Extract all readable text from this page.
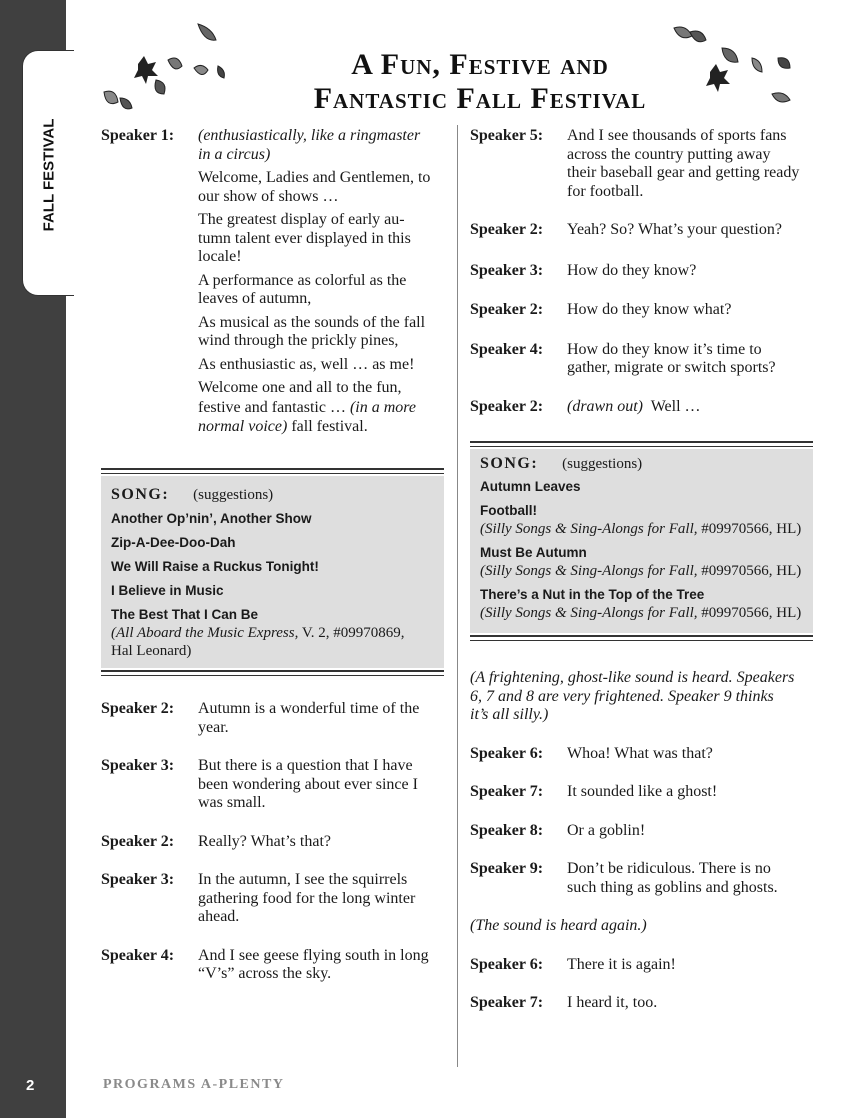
FALL FESTIVAL
2	PROGRAMS A-PLENTY
A Fun, Festive and
Fantastic Fall Festival
Speaker 1: (enthusiastically, like a ringmaster
in a circus)
Welcome, Ladies and Gentlemen, to
our show of shows …
The greatest display of early au-
tumn talent ever displayed in this
locale!
A performance as colorful as the
leaves of autumn,
As musical as the sounds of the fall
wind through the prickly pines,
As enthusiastic as, well … as me!
Welcome one and all to the fun,
festive and fantastic … (in a more
normal voice) fall festival.
SONG: (suggestions)
Another Op’nin’, Another Show
Zip-A-Dee-Doo-Dah
We Will Raise a Ruckus Tonight!
I Believe in Music
The Best That I Can Be
(All Aboard the Music Express, V. 2, #09970869,
Hal Leonard)
Speaker 2: Autumn is a wonderful time of the
year.
Speaker 3: But there is a question that I have
been wondering about ever since I
was small.
Speaker 2: Really? What’s that?
Speaker 3: In the autumn, I see the squirrels
gathering food for the long winter
ahead.
Speaker 4: And I see geese flying south in long
“V’s” across the sky.
Speaker 5: And I see thousands of sports fans
across the country putting away
their baseball gear and getting ready
for football.
Speaker 2: Yeah? So? What’s your question?
Speaker 3: How do they know?
Speaker 2: How do they know what?
Speaker 4: How do they know it’s time to
gather, migrate or switch sports?
Speaker 2: (drawn out) Well …
SONG: (suggestions)
Autumn Leaves
Football!
(Silly Songs & Sing-Alongs for Fall, #09970566, HL)
Must Be Autumn
(Silly Songs & Sing-Alongs for Fall, #09970566, HL)
There’s a Nut in the Top of the Tree
(Silly Songs & Sing-Alongs for Fall, #09970566, HL)
(A frightening, ghost-like sound is heard. Speakers
6, 7 and 8 are very frightened. Speaker 9 thinks
it’s all silly.)
Speaker 6: Whoa! What was that?
Speaker 7: It sounded like a ghost!
Speaker 8: Or a goblin!
Speaker 9: Don’t be ridiculous. There is no
such thing as goblins and ghosts.
(The sound is heard again.)
Speaker 6: There it is again!
Speaker 7: I heard it, too.
